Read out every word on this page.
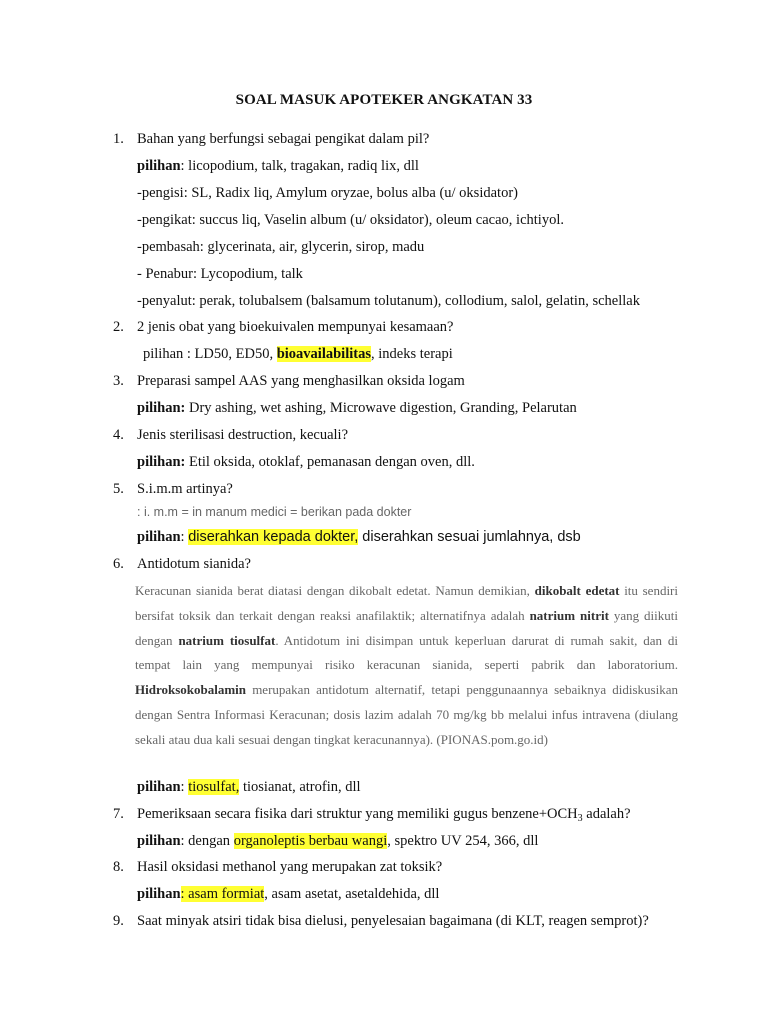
SOAL MASUK APOTEKER ANGKATAN 33
1. Bahan yang berfungsi sebagai pengikat dalam pil?
pilihan: licopodium, talk, tragakan, radiq lix, dll
-pengisi: SL, Radix liq, Amylum oryzae, bolus alba (u/ oksidator)
-pengikat: succus liq, Vaselin album (u/ oksidator), oleum cacao, ichtiyol.
-pembasah: glycerinata, air, glycerin, sirop, madu
- Penabur: Lycopodium, talk
-penyalut: perak, tolubalsem (balsamum tolutanum), collodium, salol, gelatin, schellak
2. 2 jenis obat yang bioekuivalen mempunyai kesamaan?
pilihan : LD50, ED50, bioavailabilitas, indeks terapi
3. Preparasi sampel AAS yang menghasilkan oksida logam
pilihan: Dry ashing, wet ashing, Microwave digestion, Granding, Pelarutan
4. Jenis sterilisasi destruction, kecuali?
pilihan: Etil oksida, otoklaf, pemanasan dengan oven, dll.
5. S.i.m.m artinya?
: i. m.m = in manum medici = berikan pada dokter
pilihan: diserahkan kepada dokter, diserahkan sesuai jumlahnya, dsb
6. Antidotum sianida?
Keracunan sianida berat diatasi dengan dikobalt edetat. Namun demikian, dikobalt edetat itu sendiri bersifat toksik dan terkait dengan reaksi anafilaktik; alternatifnya adalah natrium nitrit yang diikuti dengan natrium tiosulfat. Antidotum ini disimpan untuk keperluan darurat di rumah sakit, dan di tempat lain yang mempunyai risiko keracunan sianida, seperti pabrik dan laboratorium. Hidroksokobalamin merupakan antidotum alternatif, tetapi penggunaannya sebaiknya didiskusikan dengan Sentra Informasi Keracunan; dosis lazim adalah 70 mg/kg bb melalui infus intravena (diulang sekali atau dua kali sesuai dengan tingkat keracunannya). (PIONAS.pom.go.id)
pilihan: tiosulfat, tiosianat, atrofin, dll
7. Pemeriksaan secara fisika dari struktur yang memiliki gugus $benzene+OCH_3$ adalah?
pilihan: dengan organoleptis berbau wangi, spektro UV 254, 366, dll
8. Hasil oksidasi methanol yang merupakan zat toksik?
pilihan: asam formiat, asam asetat, asetaldehida, dll
9. Saat minyak atsiri tidak bisa dielusi, penyelesaian bagaimana (di KLT, reagen semprot)?
